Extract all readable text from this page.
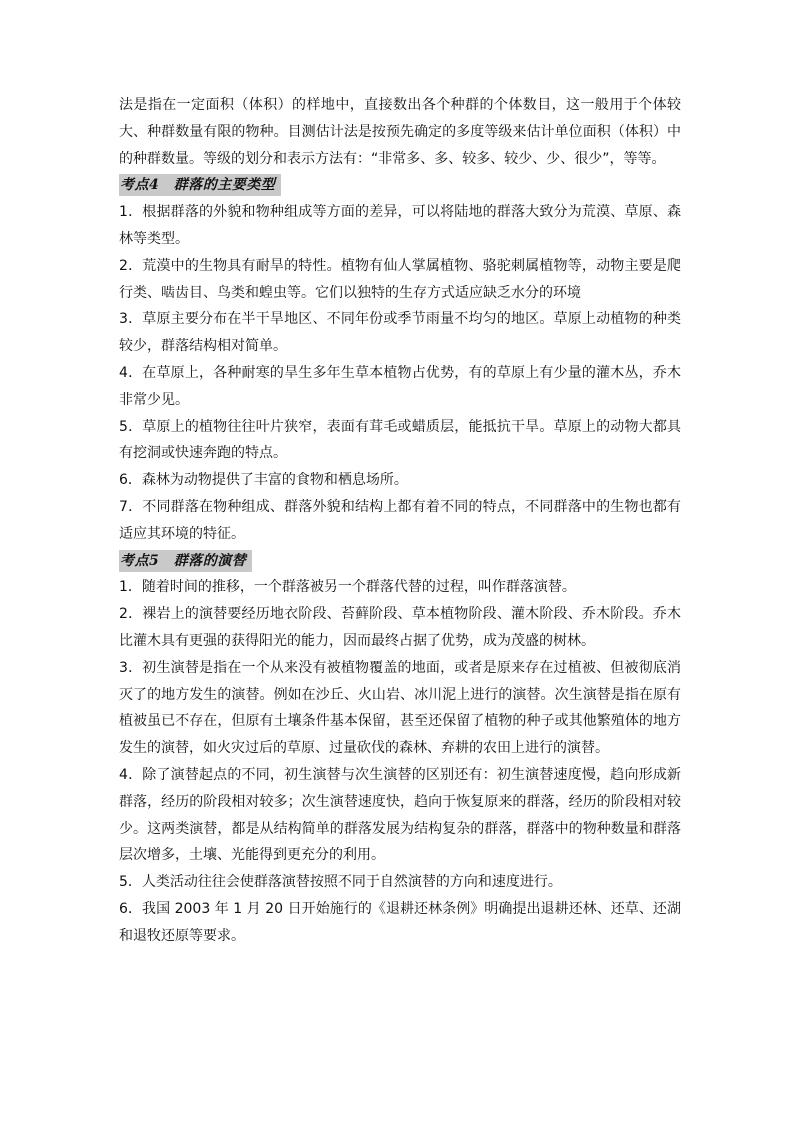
法是指在一定面积（体积）的样地中，直接数出各个种群的个体数目，这一般用于个体较大、种群数量有限的物种。目测估计法是按预先确定的多度等级来估计单位面积（体积）中的种群数量。等级的划分和表示方法有：“非常多、多、较多、较少、少、很少”，等等。

考点4　群落的主要类型

1．根据群落的外貌和物种组成等方面的差异，可以将陆地的群落大致分为荒漠、草原、森林等类型。

2．荒漠中的生物具有耐旱的特性。植物有仙人掌属植物、骆驼刺属植物等，动物主要是爬行类、啮齿目、鸟类和蝗虫等。它们以独特的生存方式适应缺乏水分的环境

3．草原主要分布在半干旱地区、不同年份或季节雨量不均匀的地区。草原上动植物的种类较少，群落结构相对简单。

4．在草原上，各种耐寒的旱生多年生草本植物占优势，有的草原上有少量的灌木丛，乔木非常少见。

5．草原上的植物往往叶片狭窄，表面有茸毛或蜡质层，能抵抗干旱。草原上的动物大都具有挖洞或快速奔跑的特点。

6．森林为动物提供了丰富的食物和栖息场所。

7．不同群落在物种组成、群落外貌和结构上都有着不同的特点，不同群落中的生物也都有适应其环境的特征。

考点5　群落的演替

1．随着时间的推移，一个群落被另一个群落代替的过程，叫作群落演替。

2．裸岩上的演替要经历地衣阶段、苔藓阶段、草本植物阶段、灌木阶段、乔木阶段。乔木比灌木具有更强的获得阳光的能力，因而最终占据了优势，成为茂盛的树林。

3．初生演替是指在一个从来没有被植物覆盖的地面，或者是原来存在过植被、但被彻底消灭了的地方发生的演替。例如在沙丘、火山岩、冰川泥上进行的演替。次生演替是指在原有植被虽已不存在，但原有土壤条件基本保留，甚至还保留了植物的种子或其他繁殖体的地方发生的演替，如火灾过后的草原、过量砍伐的森林、弃耕的农田上进行的演替。

4．除了演替起点的不同，初生演替与次生演替的区别还有：初生演替速度慢，趋向形成新群落，经历的阶段相对较多；次生演替速度快，趋向于恢复原来的群落，经历的阶段相对较少。这两类演替，都是从结构简单的群落发展为结构复杂的群落，群落中的物种数量和群落层次增多，土壤、光能得到更充分的利用。

5．人类活动往往会使群落演替按照不同于自然演替的方向和速度进行。

6．我国 2003 年 1 月 20 日开始施行的《退耕还林条例》明确提出退耕还林、还草、还湖和退牧还原等要求。
